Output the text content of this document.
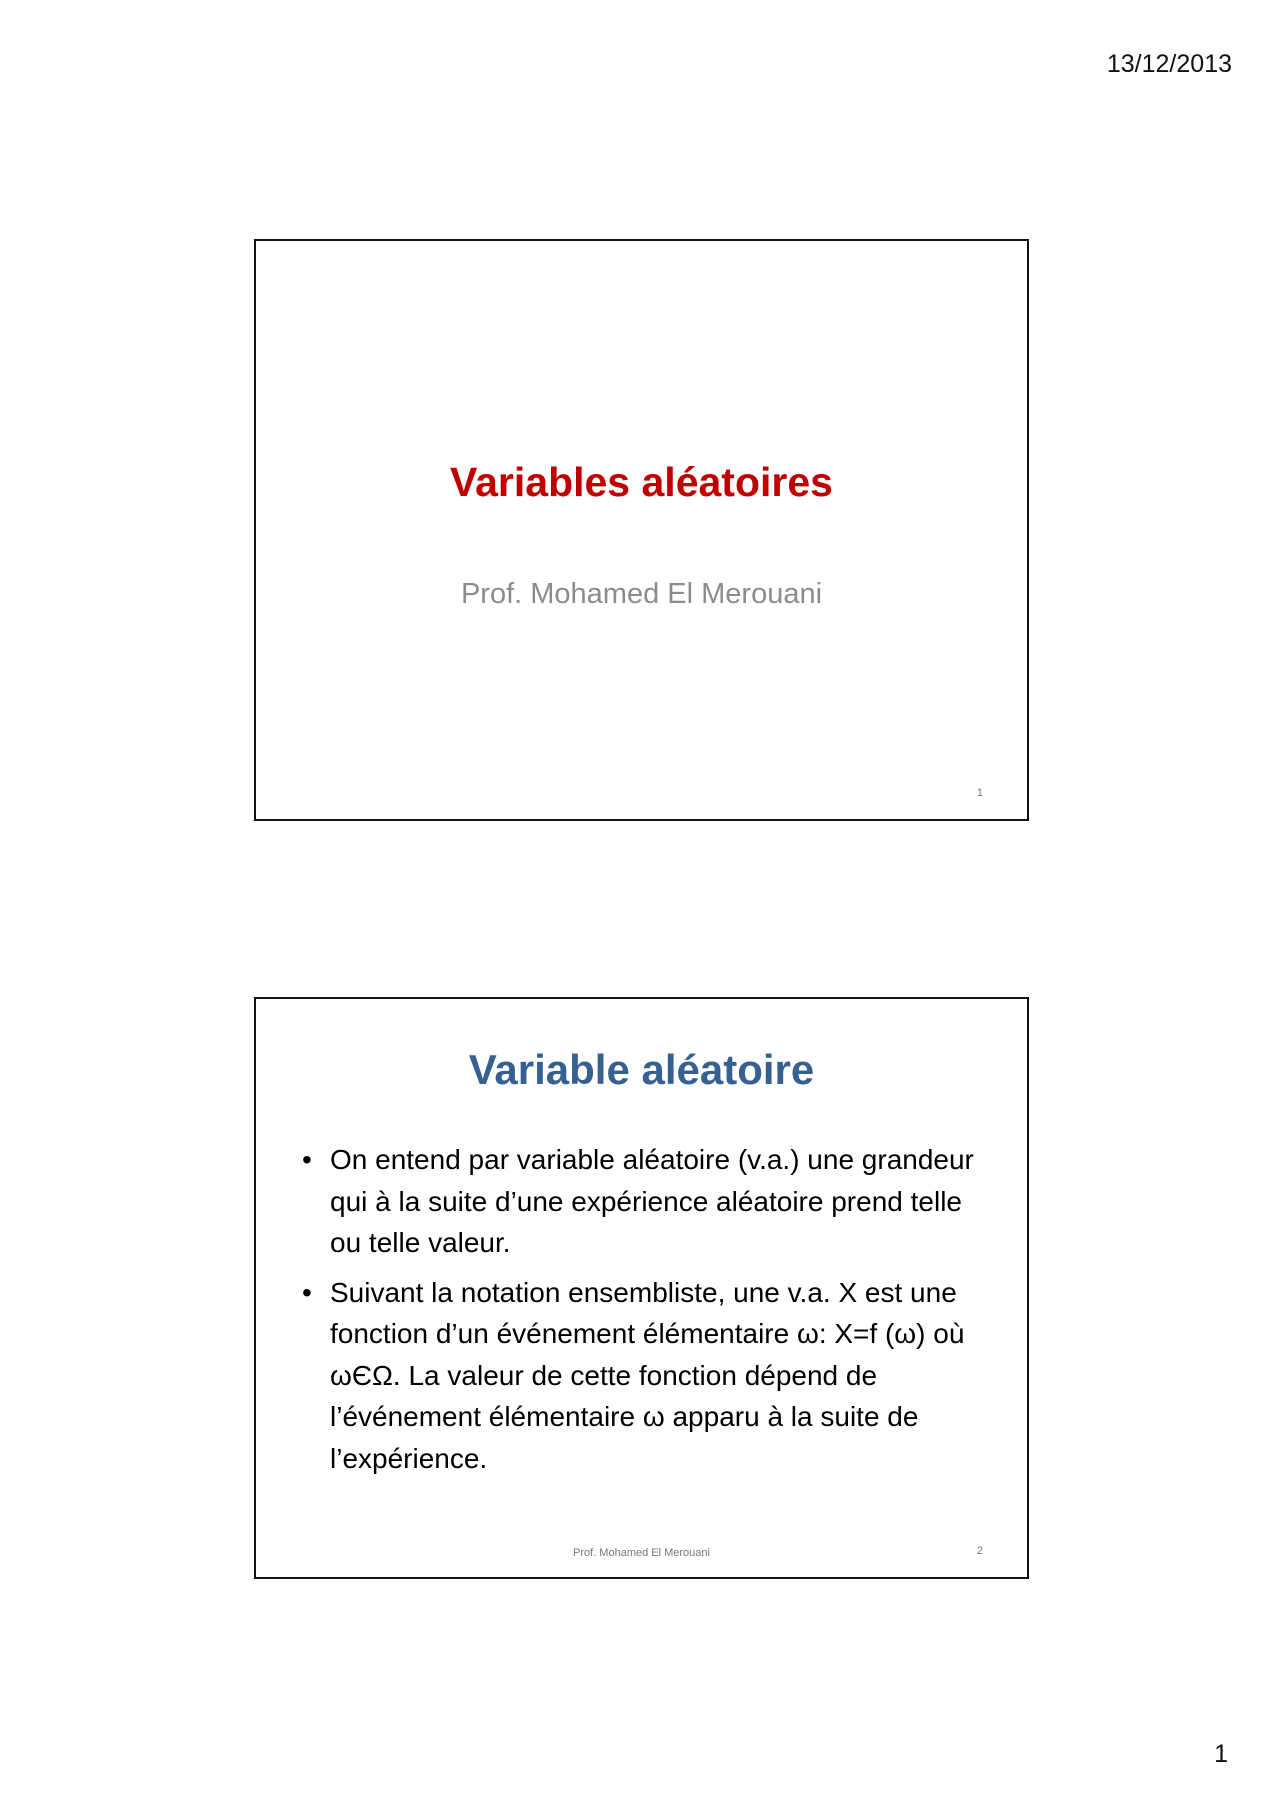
13/12/2013
Variables aléatoires
Prof. Mohamed El Merouani
1
Variable aléatoire
• On entend par variable aléatoire (v.a.) une grandeur qui à la suite d’une expérience aléatoire prend telle ou telle valeur.
• Suivant la notation ensembliste, une v.a. X est une fonction d’un événement élémentaire ω: X=f (ω) où ωЄΩ. La valeur de cette fonction dépend de l’événement élémentaire ω apparu à la suite de l’expérience.
Prof. Mohamed El Merouani	2
1
